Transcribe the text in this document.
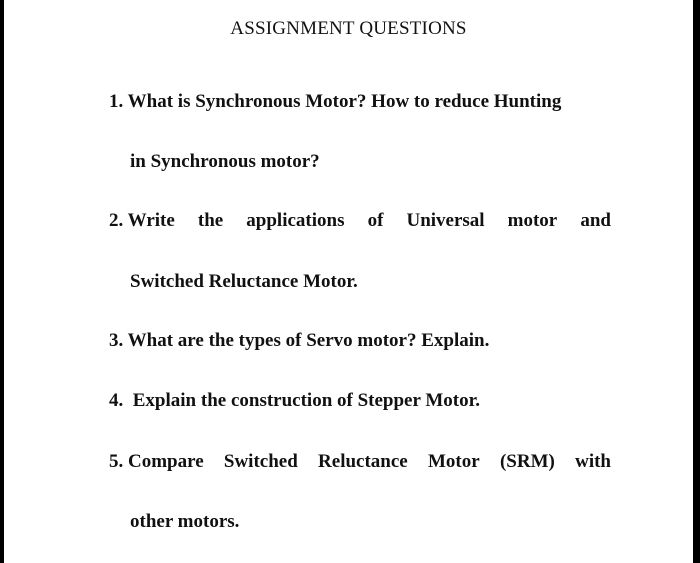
ASSIGNMENT QUESTIONS
1. What is Synchronous Motor? How to reduce Hunting
in Synchronous motor?
2. Write the applications of Universal motor and
Switched Reluctance Motor.
3. What are the types of Servo motor? Explain.
4.  Explain the construction of Stepper Motor.
5. Compare Switched Reluctance Motor (SRM) with
other motors.
